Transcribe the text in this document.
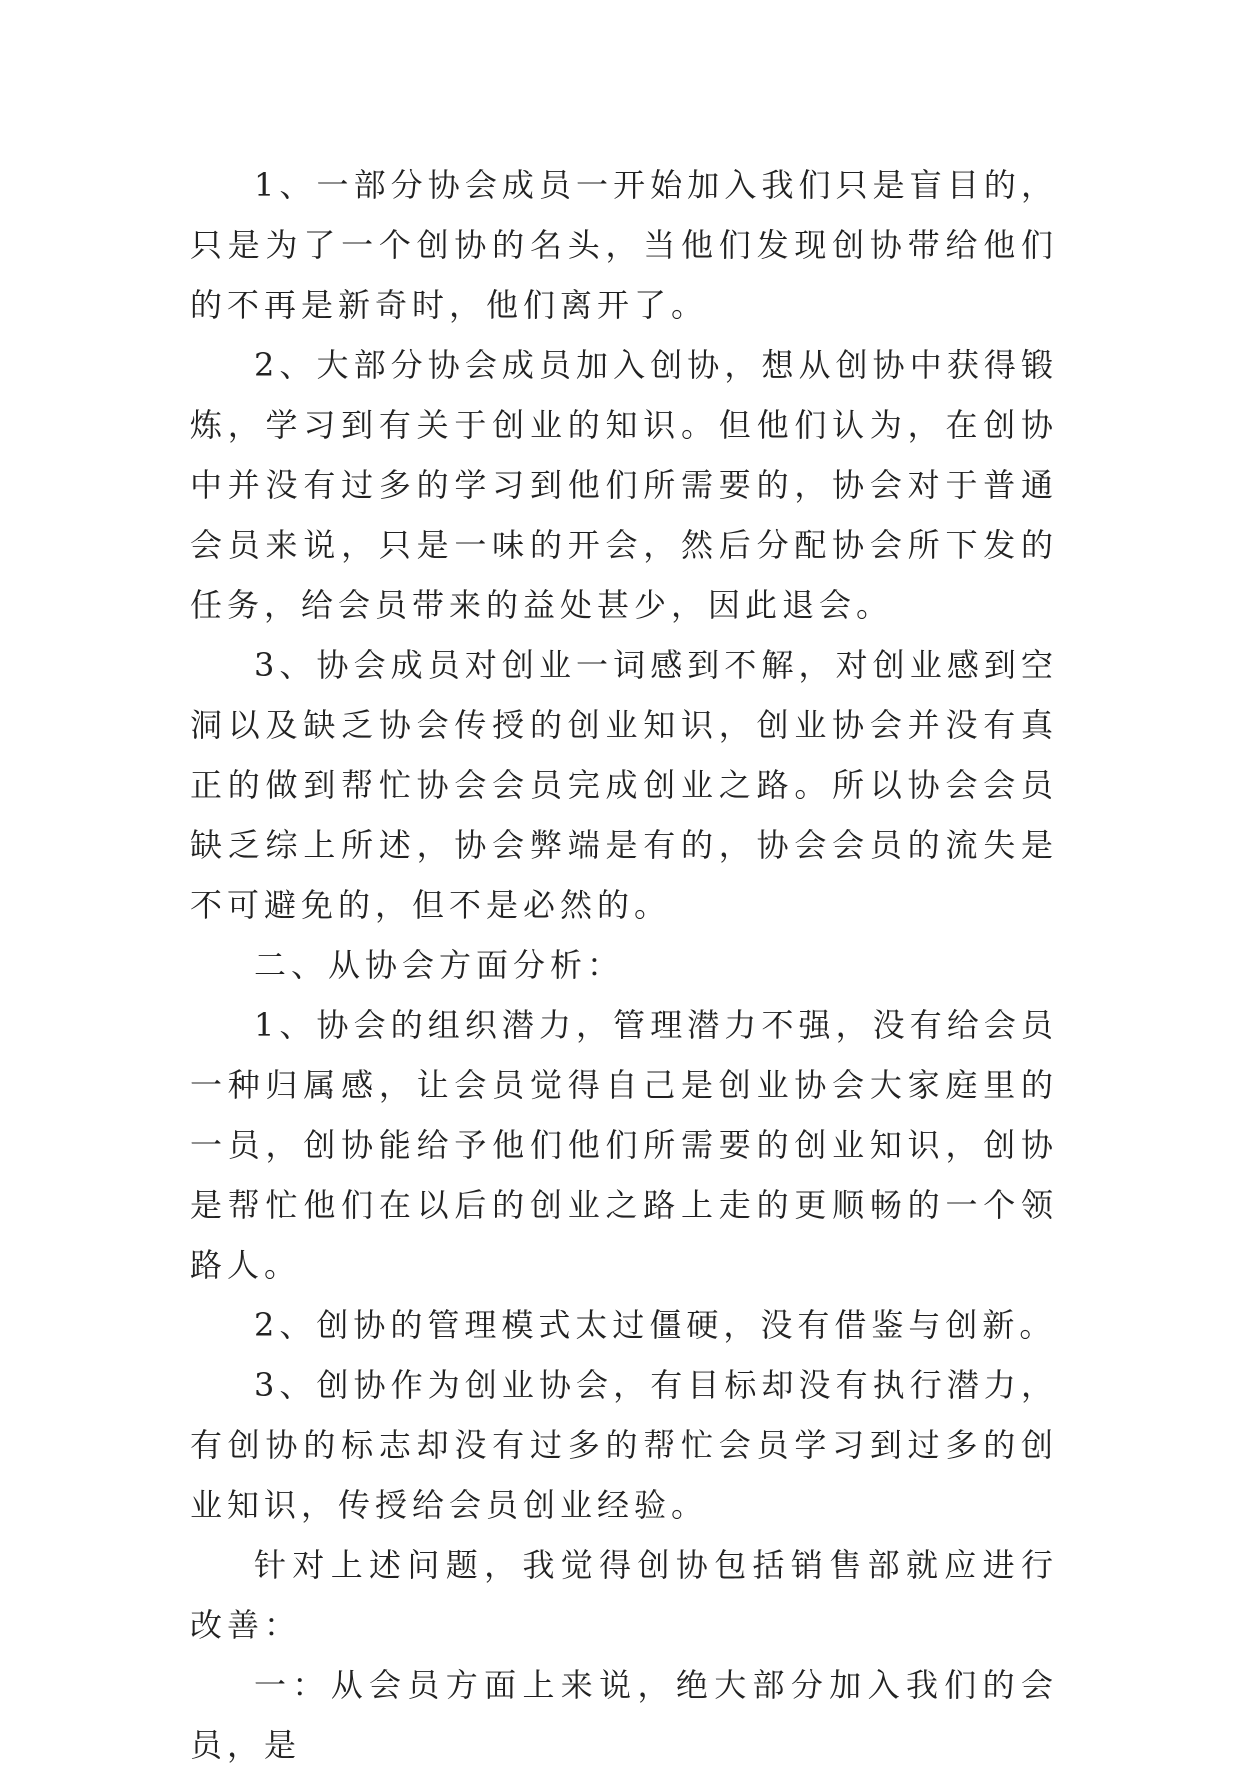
1、一部分协会成员一开始加入我们只是盲目的，只是为了一个创协的名头，当他们发现创协带给他们的不再是新奇时，他们离开了。

2、大部分协会成员加入创协，想从创协中获得锻炼，学习到有关于创业的知识。但他们认为，在创协中并没有过多的学习到他们所需要的，协会对于普通会员来说，只是一味的开会，然后分配协会所下发的任务，给会员带来的益处甚少，因此退会。

3、协会成员对创业一词感到不解，对创业感到空洞以及缺乏协会传授的创业知识，创业协会并没有真正的做到帮忙协会会员完成创业之路。所以协会会员缺乏综上所述，协会弊端是有的，协会会员的流失是不可避免的，但不是必然的。

二、从协会方面分析：

1、协会的组织潜力，管理潜力不强，没有给会员一种归属感，让会员觉得自己是创业协会大家庭里的一员，创协能给予他们他们所需要的创业知识，创协是帮忙他们在以后的创业之路上走的更顺畅的一个领路人。

2、创协的管理模式太过僵硬，没有借鉴与创新。

3、创协作为创业协会，有目标却没有执行潜力，有创协的标志却没有过多的帮忙会员学习到过多的创业知识，传授给会员创业经验。

针对上述问题，我觉得创协包括销售部就应进行改善：

一：从会员方面上来说，绝大部分加入我们的会员，是
